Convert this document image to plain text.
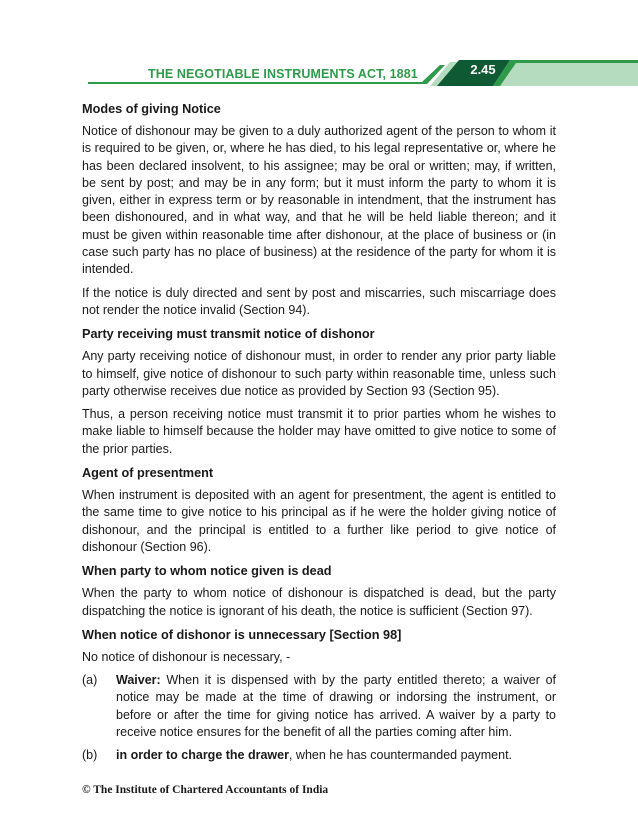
THE NEGOTIABLE INSTRUMENTS ACT, 1881	2.45
Modes of giving Notice

Notice of dishonour may be given to a duly authorized agent of the person to whom it is required to be given, or, where he has died, to his legal representative or, where he has been declared insolvent, to his assignee; may be oral or written; may, if written, be sent by post; and may be in any form; but it must inform the party to whom it is given, either in express term or by reasonable in intendment, that the instrument has been dishonoured, and in what way, and that he will be held liable thereon; and it must be given within reasonable time after dishonour, at the place of business or (in case such party has no place of business) at the residence of the party for whom it is intended.

If the notice is duly directed and sent by post and miscarries, such miscarriage does not render the notice invalid (Section 94).

Party receiving must transmit notice of dishonor

Any party receiving notice of dishonour must, in order to render any prior party liable to himself, give notice of dishonour to such party within reasonable time, unless such party otherwise receives due notice as provided by Section 93 (Section 95).

Thus, a person receiving notice must transmit it to prior parties whom he wishes to make liable to himself because the holder may have omitted to give notice to some of the prior parties.

Agent of presentment

When instrument is deposited with an agent for presentment, the agent is entitled to the same time to give notice to his principal as if he were the holder giving notice of dishonour, and the principal is entitled to a further like period to give notice of dishonour (Section 96).

When party to whom notice given is dead

When the party to whom notice of dishonour is dispatched is dead, but the party dispatching the notice is ignorant of his death, the notice is sufficient (Section 97).

When notice of dishonor is unnecessary [Section 98]

No notice of dishonour is necessary, -

(a) Waiver: When it is dispensed with by the party entitled thereto; a waiver of notice may be made at the time of drawing or indorsing the instrument, or before or after the time for giving notice has arrived. A waiver by a party to receive notice ensures for the benefit of all the parties coming after him.
(b) in order to charge the drawer, when he has countermanded payment.
© The Institute of Chartered Accountants of India
